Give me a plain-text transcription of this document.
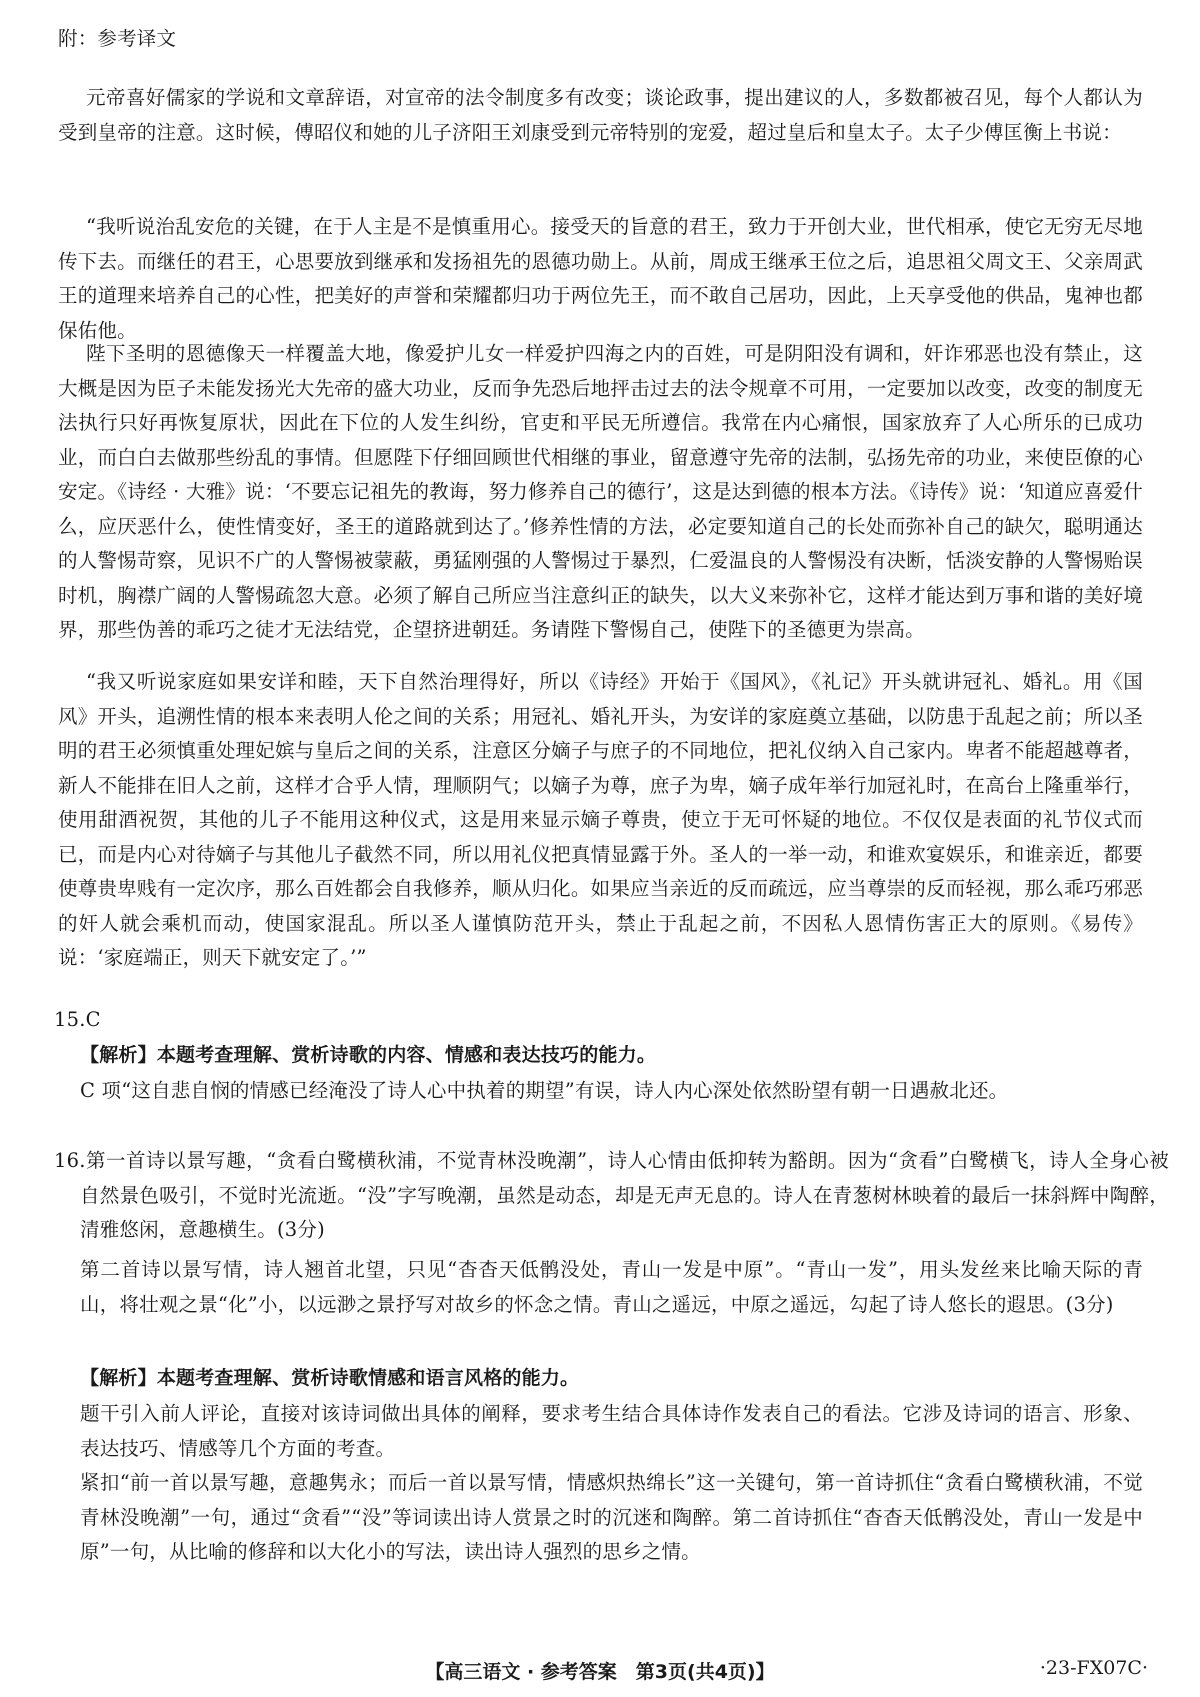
附：参考译文

元帝喜好儒家的学说和文章辞语，对宣帝的法令制度多有改变；谈论政事，提出建议的人，多数都被召见，每个人都认为受到皇帝的注意。这时候，傅昭仪和她的儿子济阳王刘康受到元帝特别的宠爱，超过皇后和皇太子。太子少傅匡衡上书说：

“我听说治乱安危的关键，在于人主是不是慎重用心。接受天的旨意的君王，致力于开创大业，世代相承，使它无穷无尽地传下去。而继任的君王，心思要放到继承和发扬祖先的恩德功勋上。从前，周成王继承王位之后，追思祖父周文王、父亲周武王的道理来培养自己的心性，把美好的声誉和荣耀都归功于两位先王，而不敢自己居功，因此，上天享受他的供品，鬼神也都保佑他。

陛下圣明的恩德像天一样覆盖大地，像爱护儿女一样爱护四海之内的百姓，可是阴阳没有调和，奸诈邪恶也没有禁止，这大概是因为臣子未能发扬光大先帝的盛大功业，反而争先恐后地抨击过去的法令规章不可用，一定要加以改变，改变的制度无法执行只好再恢复原状，因此在下位的人发生纠纷，官吏和平民无所遵信。我常在内心痛恨，国家放弃了人心所乐的已成功业，而白白去做那些纷乱的事情。但愿陛下仔细回顾世代相继的事业，留意遵守先帝的法制，弘扬先帝的功业，来使臣僚的心安定。《诗经 · 大雅》说：‘不要忘记祖先的教诲，努力修养自己的德行’，这是达到德的根本方法。《诗传》说：‘知道应喜爱什么，应厌恶什么，使性情变好，圣王的道路就到达了。’修养性情的方法，必定要知道自己的长处而弥补自己的缺欠，聪明通达的人警惕苛察，见识不广的人警惕被蒙蔽，勇猛刚强的人警惕过于暴烈，仁爱温良的人警惕没有决断，恬淡安静的人警惕贻误时机，胸襟广阔的人警惕疏忽大意。必须了解自己所应当注意纠正的缺失，以大义来弥补它，这样才能达到万事和谐的美好境界，那些伪善的乖巧之徒才无法结党，企望挤进朝廷。务请陛下警惕自己，使陛下的圣德更为崇高。

“我又听说家庭如果安详和睦，天下自然治理得好，所以《诗经》开始于《国风》，《礼记》开头就讲冠礼、婚礼。用《国风》开头，追溯性情的根本来表明人伦之间的关系；用冠礼、婚礼开头，为安详的家庭奠立基础，以防患于乱起之前；所以圣明的君王必须慎重处理妃嫔与皇后之间的关系，注意区分嫡子与庶子的不同地位，把礼仪纳入自己家内。卑者不能超越尊者，新人不能排在旧人之前，这样才合乎人情，理顺阴气；以嫡子为尊，庶子为卑，嫡子成年举行加冠礼时，在高台上隆重举行，使用甜酒祝贺，其他的儿子不能用这种仪式，这是用来显示嫡子尊贵，使立于无可怀疑的地位。不仅仅是表面的礼节仪式而已，而是内心对待嫡子与其他儿子截然不同，所以用礼仪把真情显露于外。圣人的一举一动，和谁欢宴娱乐，和谁亲近，都要使尊贵卑贱有一定次序，那么百姓都会自我修养，顺从归化。如果应当亲近的反而疏远，应当尊崇的反而轻视，那么乖巧邪恶的奸人就会乘机而动，使国家混乱。所以圣人谨慎防范开头，禁止于乱起之前，不因私人恩情伤害正大的原则。《易传》说：‘家庭端正，则天下就安定了。’”

15.C

【解析】本题考查理解、赏析诗歌的内容、情感和表达技巧的能力。

C 项“这自悲自悯的情感已经淹没了诗人心中执着的期望”有误，诗人内心深处依然盼望有朝一日遇赦北还。

16.第一首诗以景写趣，“贪看白鹭横秋浦，不觉青林没晚潮”，诗人心情由低抑转为豁朗。因为“贪看”白鹭横飞，诗人全身心被自然景色吸引，不觉时光流逝。“没”字写晚潮，虽然是动态，却是无声无息的。诗人在青葱树林映着的最后一抹斜辉中陶醉，清雅悠闲，意趣横生。(3分)

第二首诗以景写情，诗人翘首北望，只见“杳杳天低鹘没处，青山一发是中原”。“青山一发”，用头发丝来比喻天际的青山，将壮观之景“化”小，以远渺之景抒写对故乡的怀念之情。青山之遥远，中原之遥远，勾起了诗人悠长的遐思。(3分)

【解析】本题考查理解、赏析诗歌情感和语言风格的能力。

题干引入前人评论，直接对该诗词做出具体的阐释，要求考生结合具体诗作发表自己的看法。它涉及诗词的语言、形象、表达技巧、情感等几个方面的考查。

紧扣“前一首以景写趣，意趣隽永；而后一首以景写情，情感炽热绵长”这一关键句，第一首诗抓住“贪看白鹭横秋浦，不觉青林没晚潮”一句，通过“贪看”“没”等词读出诗人赏景之时的沉迷和陶醉。第二首诗抓住“杳杳天低鹘没处，青山一发是中原”一句，从比喻的修辞和以大化小的写法，读出诗人强烈的思乡之情。

【高三语文 · 参考答案　第3页(共4页)】	·23-FX07C·
